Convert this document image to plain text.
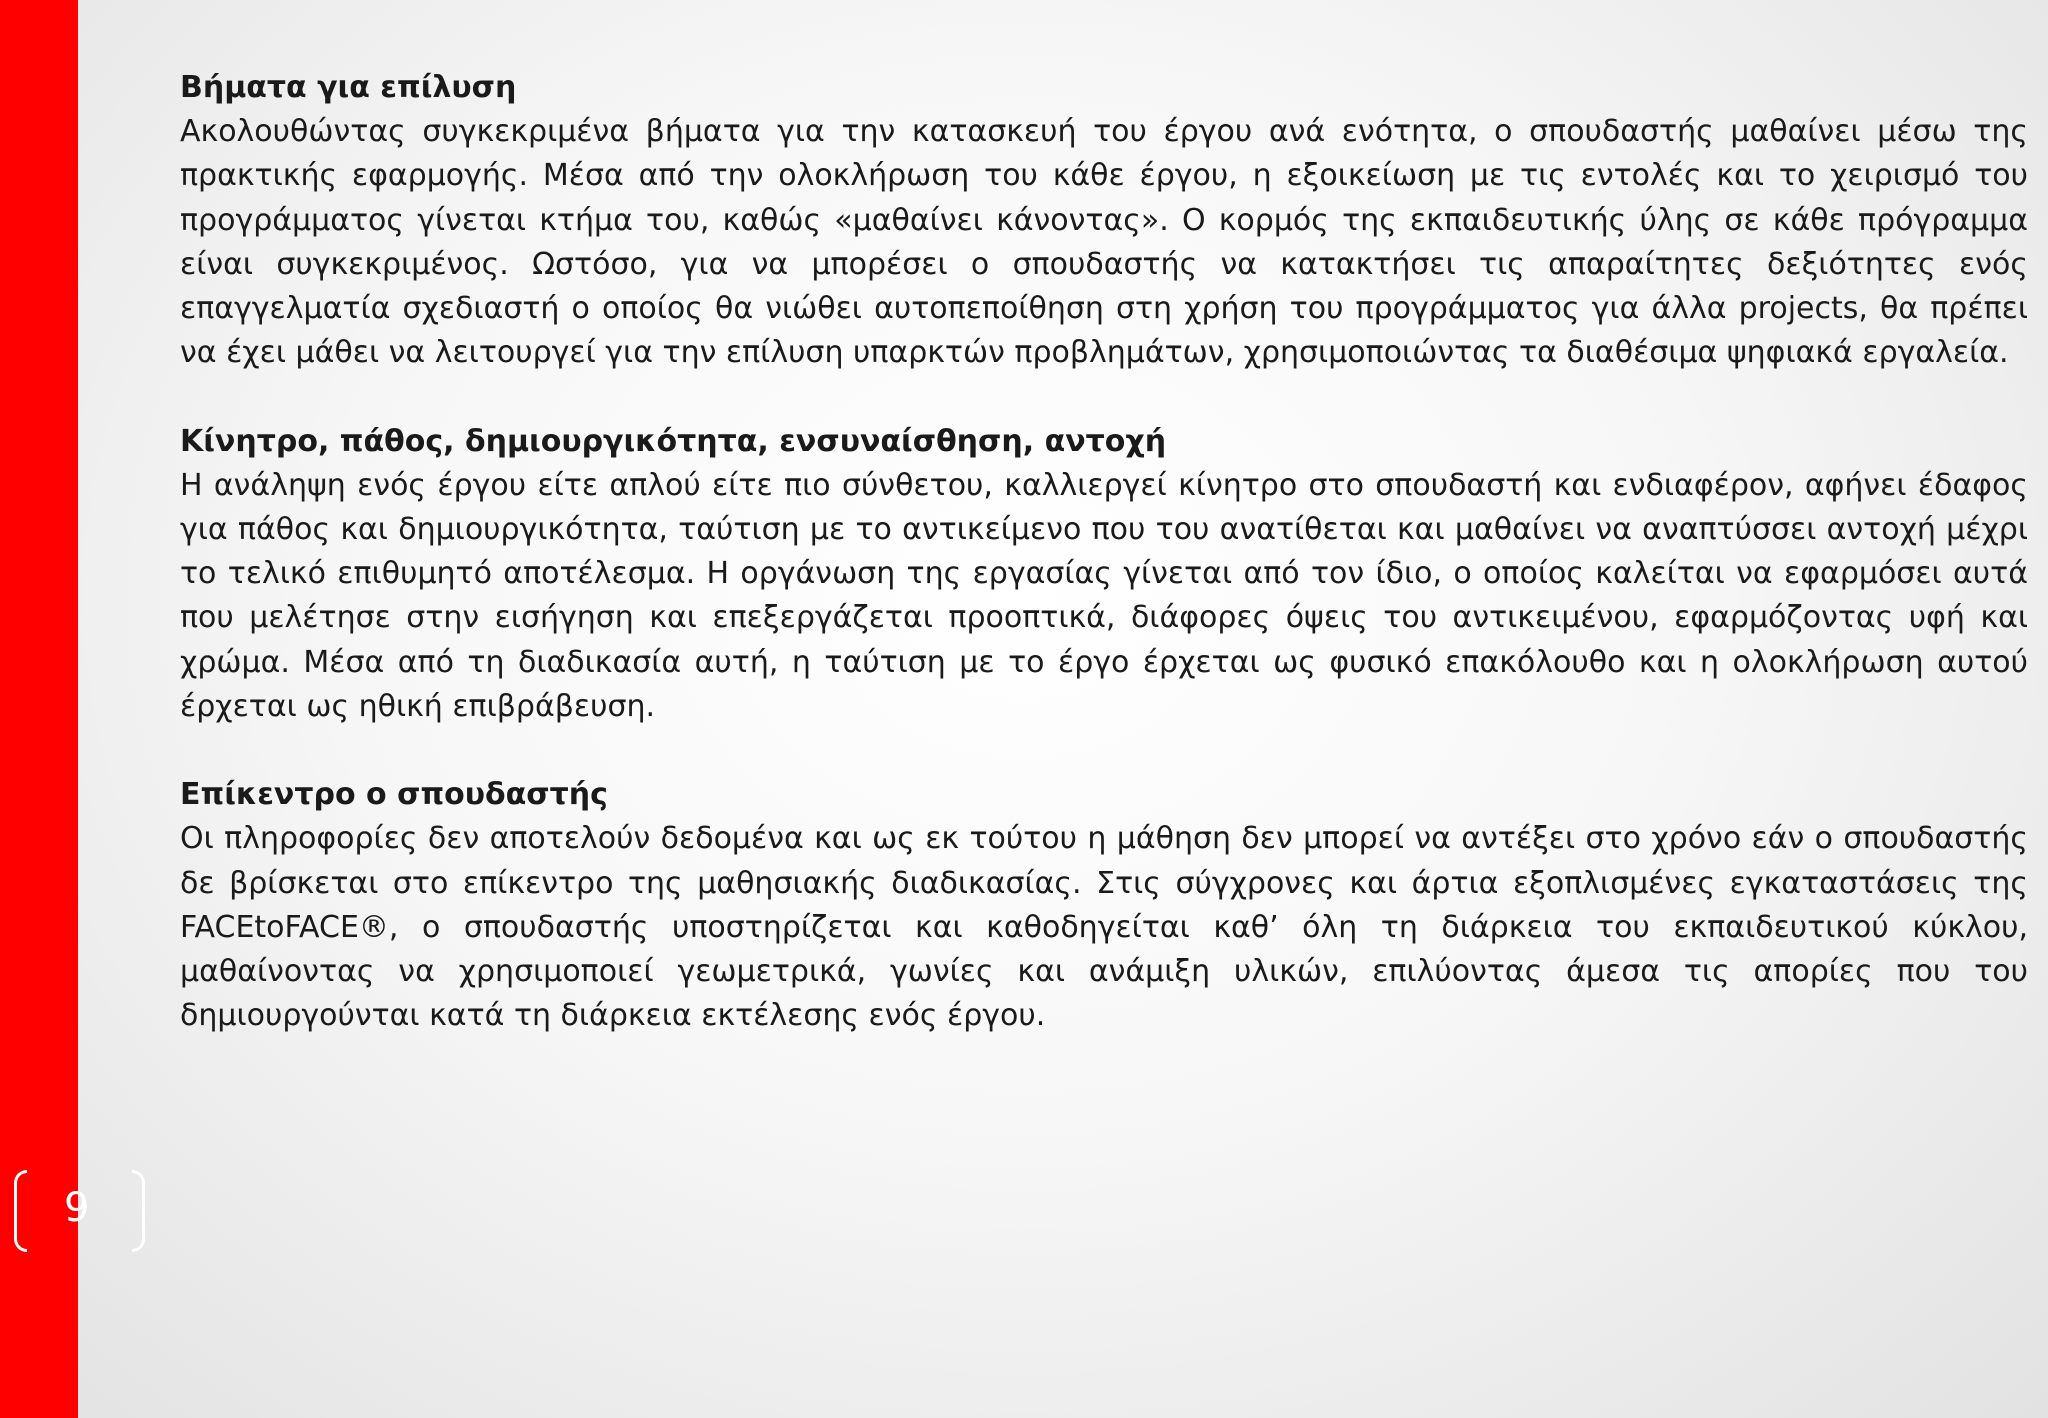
9

Βήματα για επίλυση

Ακολουθώντας συγκεκριμένα βήματα για την κατασκευή του έργου ανά ενότητα, ο σπουδαστής μαθαίνει μέσω της πρακτικής εφαρμογής. Μέσα από την ολοκλήρωση του κάθε έργου, η εξοικείωση με τις εντολές και το χειρισμό του προγράμματος γίνεται κτήμα του, καθώς «μαθαίνει κάνοντας». Ο κορμός της εκπαιδευτικής ύλης σε κάθε πρόγραμμα είναι συγκεκριμένος. Ωστόσο, για να μπορέσει ο σπουδαστής να κατακτήσει τις απαραίτητες δεξιότητες ενός επαγγελματία σχεδιαστή ο οποίος θα νιώθει αυτοπεποίθηση στη χρήση του προγράμματος για άλλα projects, θα πρέπει να έχει μάθει να λειτουργεί για την επίλυση υπαρκτών προβλημάτων, χρησιμοποιώντας τα διαθέσιμα ψηφιακά εργαλεία.

Κίνητρο, πάθος, δημιουργικότητα, ενσυναίσθηση, αντοχή

Η ανάληψη ενός έργου είτε απλού είτε πιο σύνθετου, καλλιεργεί κίνητρο στο σπουδαστή και ενδιαφέρον, αφήνει έδαφος για πάθος και δημιουργικότητα, ταύτιση με το αντικείμενο που του ανατίθεται και μαθαίνει να αναπτύσσει αντοχή μέχρι το τελικό επιθυμητό αποτέλεσμα. Η οργάνωση της εργασίας γίνεται από τον ίδιο, ο οποίος καλείται να εφαρμόσει αυτά που μελέτησε στην εισήγηση και επεξεργάζεται προοπτικά, διάφορες όψεις του αντικειμένου, εφαρμόζοντας υφή και χρώμα. Μέσα από τη διαδικασία αυτή, η ταύτιση με το έργο έρχεται ως φυσικό επακόλουθο και η ολοκλήρωση αυτού έρχεται ως ηθική επιβράβευση.

Επίκεντρο ο σπουδαστής

Οι πληροφορίες δεν αποτελούν δεδομένα και ως εκ τούτου η μάθηση δεν μπορεί να αντέξει στο χρόνο εάν ο σπουδαστής δε βρίσκεται στο επίκεντρο της μαθησιακής διαδικασίας. Στις σύγχρονες και άρτια εξοπλισμένες εγκαταστάσεις της FACEtoFACE®, ο σπουδαστής υποστηρίζεται και καθοδηγείται καθ’ όλη τη διάρκεια του εκπαιδευτικού κύκλου, μαθαίνοντας να χρησιμοποιεί γεωμετρικά, γωνίες και ανάμιξη υλικών, επιλύοντας άμεσα τις απορίες που του δημιουργούνται κατά τη διάρκεια εκτέλεσης ενός έργου.
